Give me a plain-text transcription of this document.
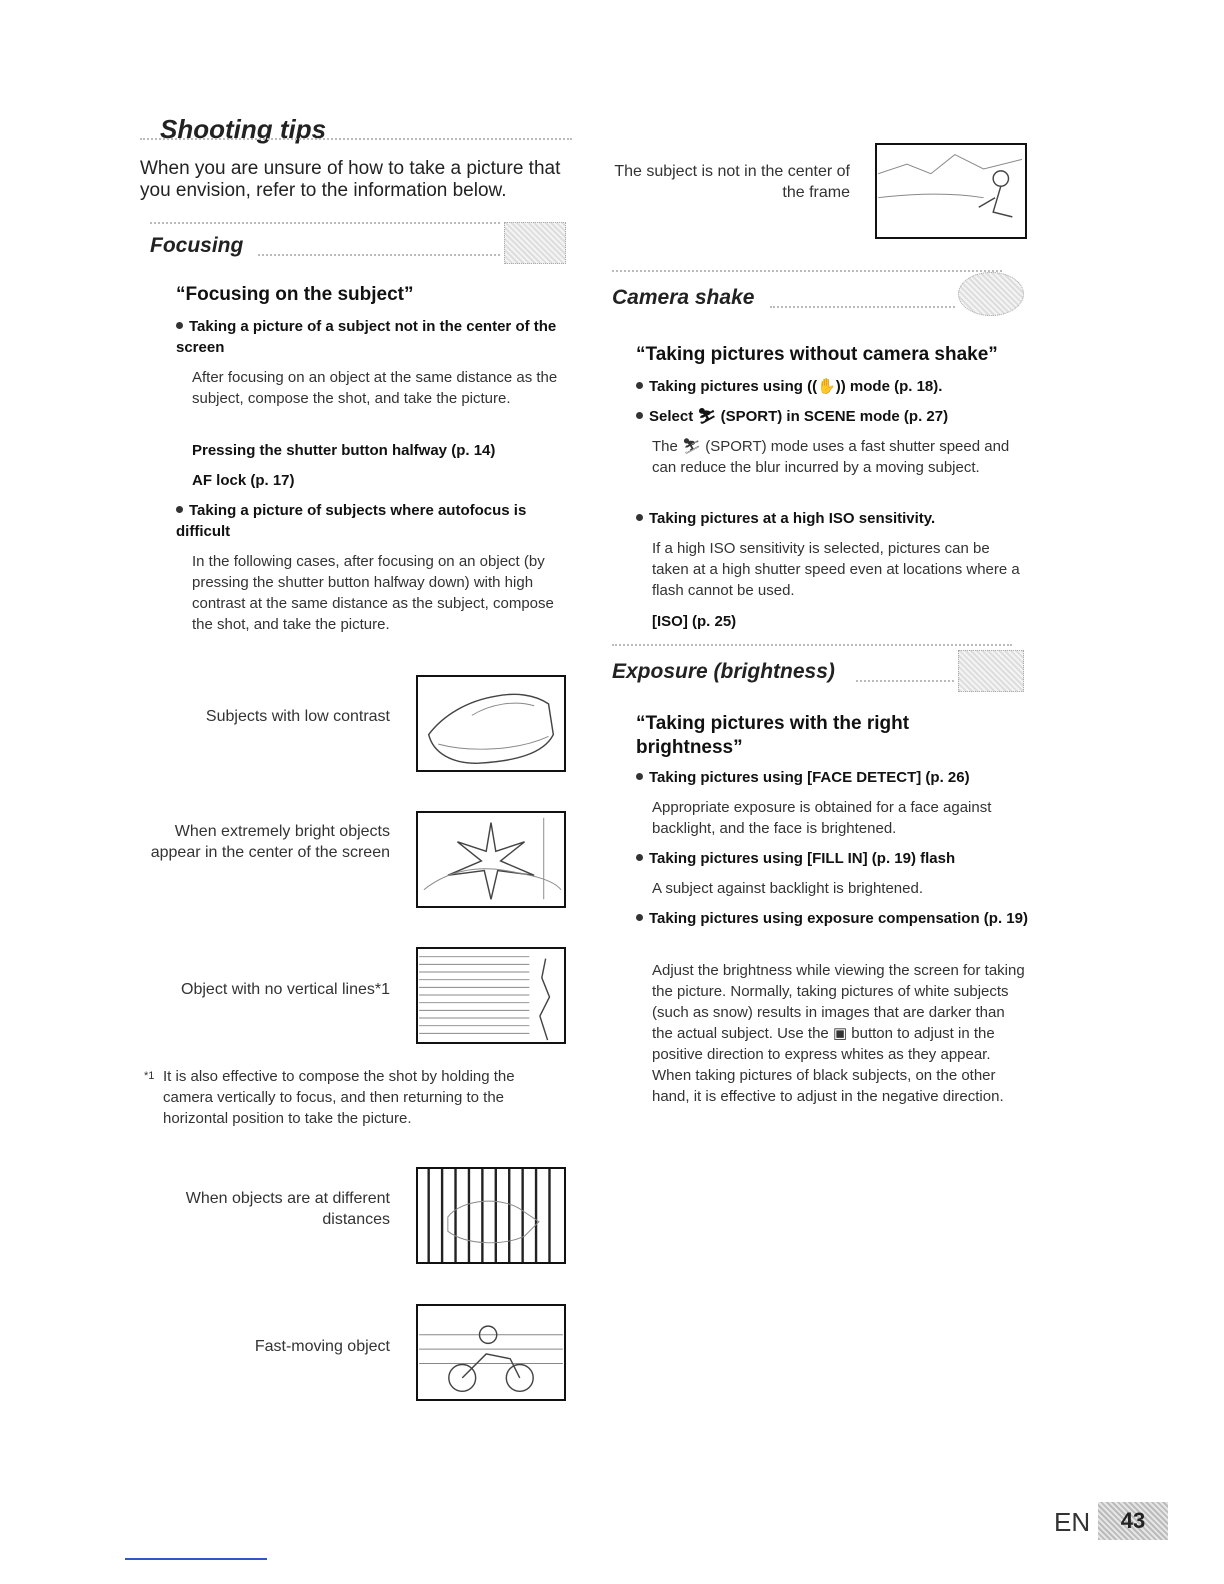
Shooting tips
When you are unsure of how to take a picture that you envision, refer to the information below.
Focusing
“Focusing on the subject”
Taking a picture of a subject not in the center of the screen
After focusing on an object at the same distance as the subject, compose the shot, and take the picture.
Pressing the shutter button halfway (p. 14)
AF lock (p. 17)
Taking a picture of subjects where autofocus is difficult
In the following cases, after focusing on an object (by pressing the shutter button halfway down) with high contrast at the same distance as the subject, compose the shot, and take the picture.
Subjects with low contrast
When extremely bright objects appear in the center of the screen
Object with no vertical lines*1
*1 It is also effective to compose the shot by holding the camera vertically to focus, and then returning to the horizontal position to take the picture.
When objects are at different distances
Fast-moving object
The subject is not in the center of the frame
Camera shake
“Taking pictures without camera shake”
Taking pictures using ((✋)) mode (p. 18).
Select ⛷ (SPORT) in SCENE mode (p. 27)
The ⛷ (SPORT) mode uses a fast shutter speed and can reduce the blur incurred by a moving subject.
Taking pictures at a high ISO sensitivity.
If a high ISO sensitivity is selected, pictures can be taken at a high shutter speed even at locations where a flash cannot be used.
[ISO] (p. 25)
Exposure (brightness)
“Taking pictures with the right brightness”
Taking pictures using [FACE DETECT] (p. 26)
Appropriate exposure is obtained for a face against backlight, and the face is brightened.
Taking pictures using [FILL IN] (p. 19) flash
A subject against backlight is brightened.
Taking pictures using exposure compensation (p. 19)
Adjust the brightness while viewing the screen for taking the picture. Normally, taking pictures of white subjects (such as snow) results in images that are darker than the actual subject. Use the ▣ button to adjust in the positive direction to express whites as they appear. When taking pictures of black subjects, on the other hand, it is effective to adjust in the negative direction.
EN	43
